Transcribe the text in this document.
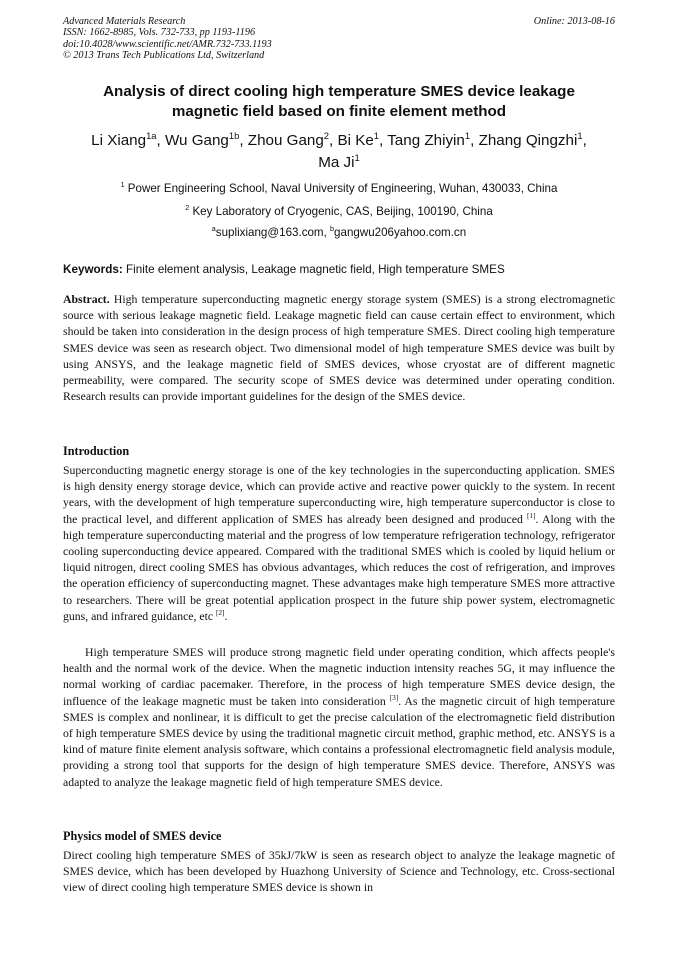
Advanced Materials Research
ISSN: 1662-8985, Vols. 732-733, pp 1193-1196
doi:10.4028/www.scientific.net/AMR.732-733.1193
© 2013 Trans Tech Publications Ltd, Switzerland
Online: 2013-08-16
Analysis of direct cooling high temperature SMES device leakage
magnetic field based on finite element method
Li Xiang$^{1a}$, Wu Gang$^{1b}$, Zhou Gang$^2$, Bi Ke$^1$, Tang Zhiyin$^1$, Zhang Qingzhi$^1$,
Ma Ji$^1$
$^1$ Power Engineering School, Naval University of Engineering, Wuhan, 430033, China
$^2$ Key Laboratory of Cryogenic, CAS, Beijing, 100190, China
$^a$suplixiang@163.com, $^b$gangwu206yahoo.com.cn
Keywords: Finite element analysis, Leakage magnetic field, High temperature SMES
Abstract. High temperature superconducting magnetic energy storage system (SMES) is a strong electromagnetic source with serious leakage magnetic field. Leakage magnetic field can cause certain effect to environment, which should be taken into consideration in the design process of high temperature SMES. Direct cooling high temperature SMES device was seen as research object. Two dimensional model of high temperature SMES device was built by using ANSYS, and the leakage magnetic field of SMES devices, whose cryostat are of different magnetic permeability, were compared. The security scope of SMES device was determined under operating condition. Research results can provide important guidelines for the design of the SMES device.
Introduction
Superconducting magnetic energy storage is one of the key technologies in the superconducting application. SMES is high density energy storage device, which can provide active and reactive power quickly to the system. In recent years, with the development of high temperature superconducting wire, high temperature superconductor is close to the practical level, and different application of SMES has already been designed and produced [1]. Along with the high temperature superconducting material and the progress of low temperature refrigeration technology, refrigerator cooling superconducting device appeared. Compared with the traditional SMES which is cooled by liquid helium or liquid nitrogen, direct cooling SMES has obvious advantages, which reduces the cost of refrigeration, and improves the operation efficiency of superconducting magnet. These advantages make high temperature SMES more attractive to researchers. There will be great potential application prospect in the future ship power system, electromagnetic guns, and infrared guidance, etc [2].
High temperature SMES will produce strong magnetic field under operating condition, which affects people's health and the normal work of the device. When the magnetic induction intensity reaches 5G, it may influence the normal working of cardiac pacemaker. Therefore, in the process of high temperature SMES device design, the influence of the leakage magnetic must be taken into consideration [3]. As the magnetic circuit of high temperature SMES is complex and nonlinear, it is difficult to get the precise calculation of the electromagnetic field distribution of high temperature SMES device by using the traditional magnetic circuit method, graphic method, etc. ANSYS is a kind of mature finite element analysis software, which contains a professional electromagnetic field analysis module, providing a strong tool that supports for the design of high temperature SMES device. Therefore, ANSYS was adapted to analyze the leakage magnetic field of high temperature SMES device.
Physics model of SMES device
Direct cooling high temperature SMES of 35kJ/7kW is seen as research object to analyze the leakage magnetic of SMES device, which has been developed by Huazhong University of Science and Technology, etc. Cross-sectional view of direct cooling high temperature SMES device is shown in
